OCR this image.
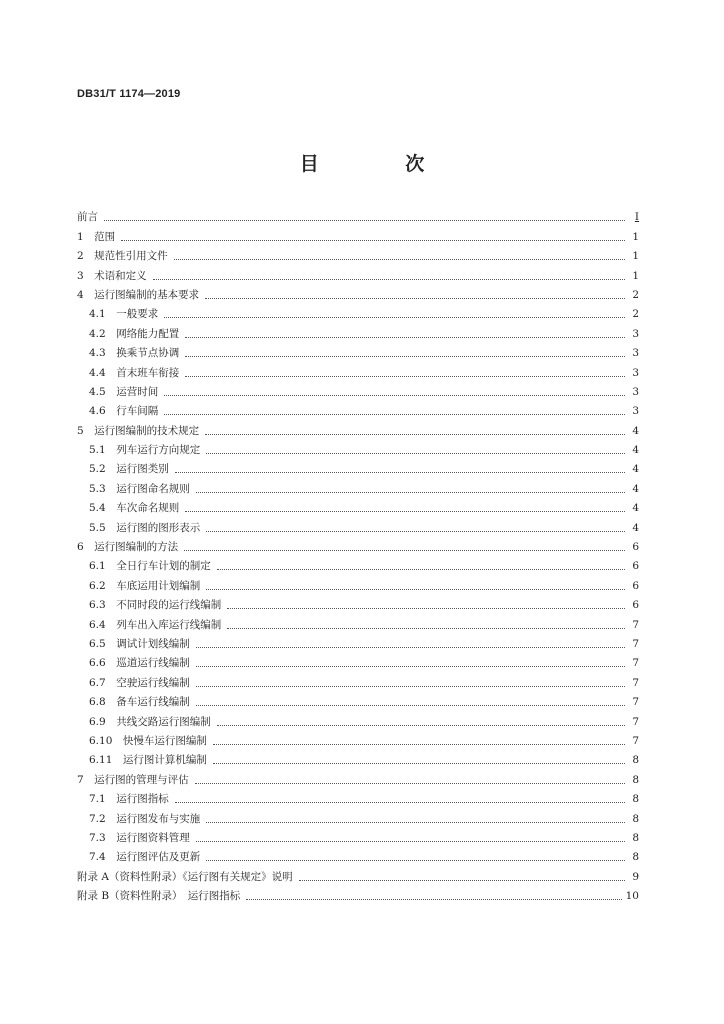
DB31/T 1174—2019
目 次
前言	I
1　范围	1
2　规范性引用文件	1
3　术语和定义	1
4　运行图编制的基本要求	2
4.1　一般要求	2
4.2　网络能力配置	3
4.3　换乘节点协调	3
4.4　首末班车衔接	3
4.5　运营时间	3
4.6　行车间隔	3
5　运行图编制的技术规定	4
5.1　列车运行方向规定	4
5.2　运行图类别	4
5.3　运行图命名规则	4
5.4　车次命名规则	4
5.5　运行图的图形表示	4
6　运行图编制的方法	6
6.1　全日行车计划的制定	6
6.2　车底运用计划编制	6
6.3　不同时段的运行线编制	6
6.4　列车出入库运行线编制	7
6.5　调试计划线编制	7
6.6　巡道运行线编制	7
6.7　空驶运行线编制	7
6.8　备车运行线编制	7
6.9　共线交路运行图编制	7
6.10　快慢车运行图编制	7
6.11　运行图计算机编制	8
7　运行图的管理与评估	8
7.1　运行图指标	8
7.2　运行图发布与实施	8
7.3　运行图资料管理	8
7.4　运行图评估及更新	8
附录 A（资料性附录）《运行图有关规定》说明	9
附录 B（资料性附录）　运行图指标	10
